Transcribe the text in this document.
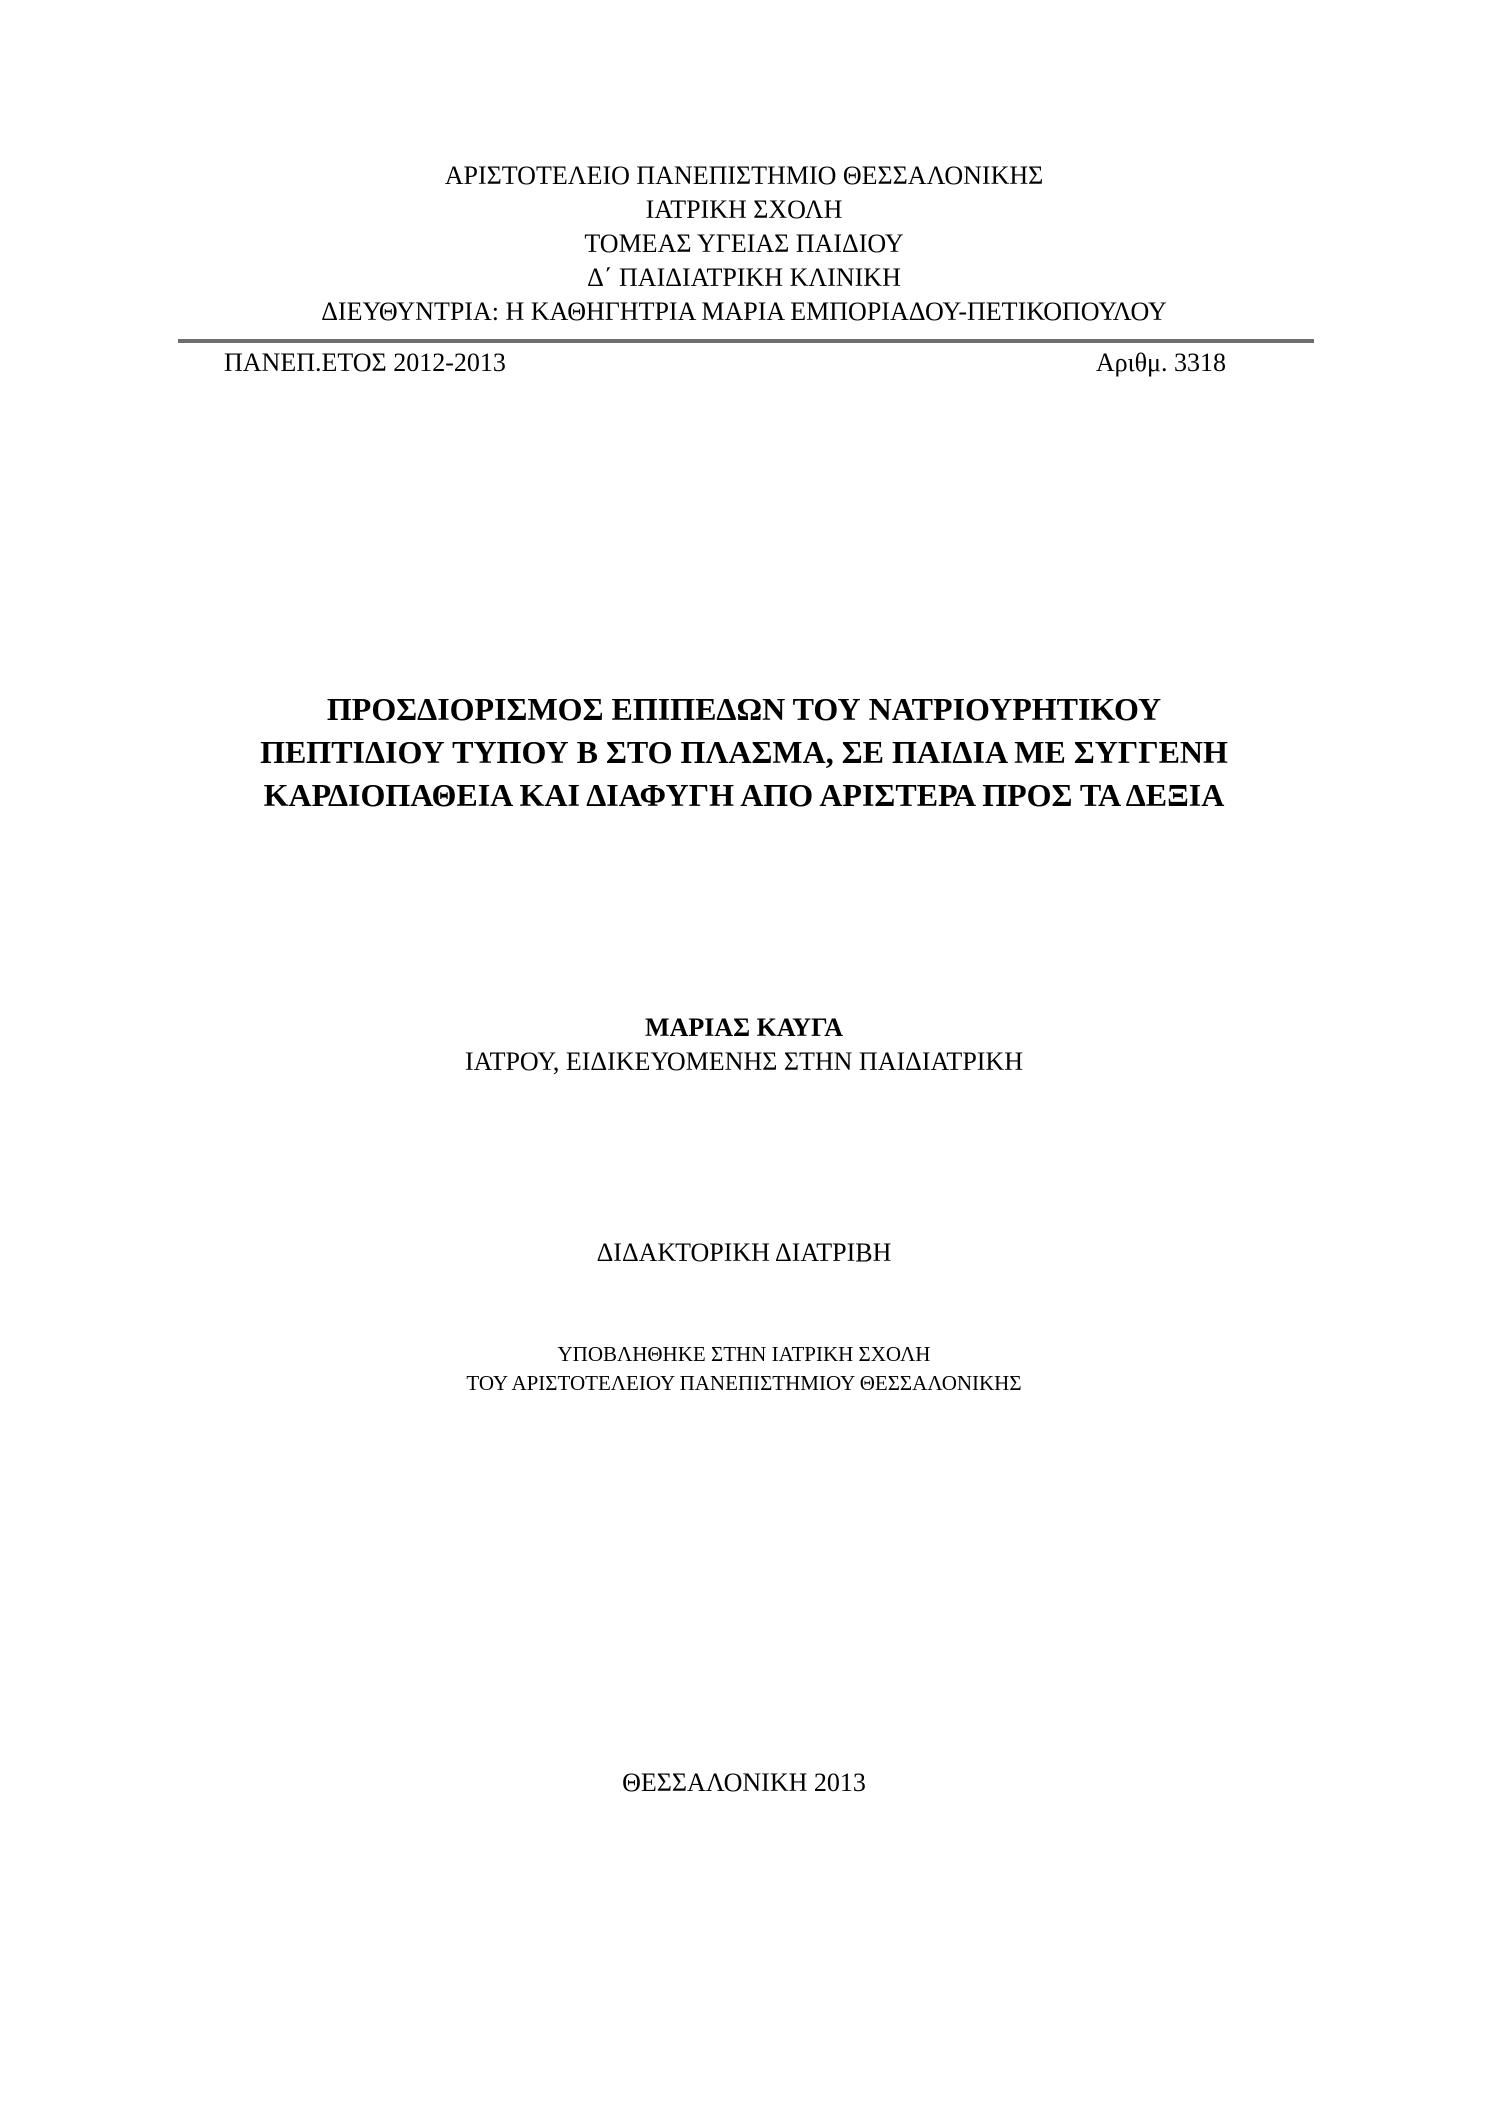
ΑΡΙΣΤΟΤΕΛΕΙΟ ΠΑΝΕΠΙΣΤΗΜΙΟ ΘΕΣΣΑΛΟΝΙΚΗΣ
ΙΑΤΡΙΚΗ ΣΧΟΛΗ
ΤΟΜΕΑΣ ΥΓΕΙΑΣ ΠΑΙΔΙΟΥ
Δ΄ ΠΑΙΔΙΑΤΡΙΚΗ ΚΛΙΝΙΚΗ
ΔΙΕΥΘΥΝΤΡΙΑ: Η ΚΑΘΗΓΗΤΡΙΑ ΜΑΡΙΑ ΕΜΠΟΡΙΑΔΟΥ-ΠΕΤΙΚΟΠΟΥΛΟΥ
ΠΑΝΕΠ.ΕΤΟΣ 2012-2013	Αριθμ. 3318
ΠΡΟΣΔΙΟΡΙΣΜΟΣ ΕΠΙΠΕΔΩΝ ΤΟΥ ΝΑΤΡΙΟΥΡΗΤΙΚΟΥ
ΠΕΠΤΙΔΙΟΥ ΤΥΠΟΥ Β ΣΤΟ ΠΛΑΣΜΑ, ΣΕ ΠΑΙΔΙΑ ΜΕ ΣΥΓΓΕΝΗ
ΚΑΡΔΙΟΠΑΘΕΙΑ ΚΑΙ ΔΙΑΦΥΓΗ ΑΠΟ ΑΡΙΣΤΕΡΑ ΠΡΟΣ ΤΑ ΔΕΞΙΑ
ΜΑΡΙΑΣ ΚΑΥΓΑ
ΙΑΤΡΟΥ, ΕΙΔΙΚΕΥΟΜΕΝΗΣ ΣΤΗΝ ΠΑΙΔΙΑΤΡΙΚΗ
ΔΙΔΑΚΤΟΡΙΚΗ ΔΙΑΤΡΙΒΗ
ΥΠΟΒΛΗΘΗΚΕ ΣΤΗΝ ΙΑΤΡΙΚΗ ΣΧΟΛΗ
ΤΟΥ ΑΡΙΣΤΟΤΕΛΕΙΟΥ ΠΑΝΕΠΙΣΤΗΜΙΟΥ ΘΕΣΣΑΛΟΝΙΚΗΣ
ΘΕΣΣΑΛΟΝΙΚΗ 2013
